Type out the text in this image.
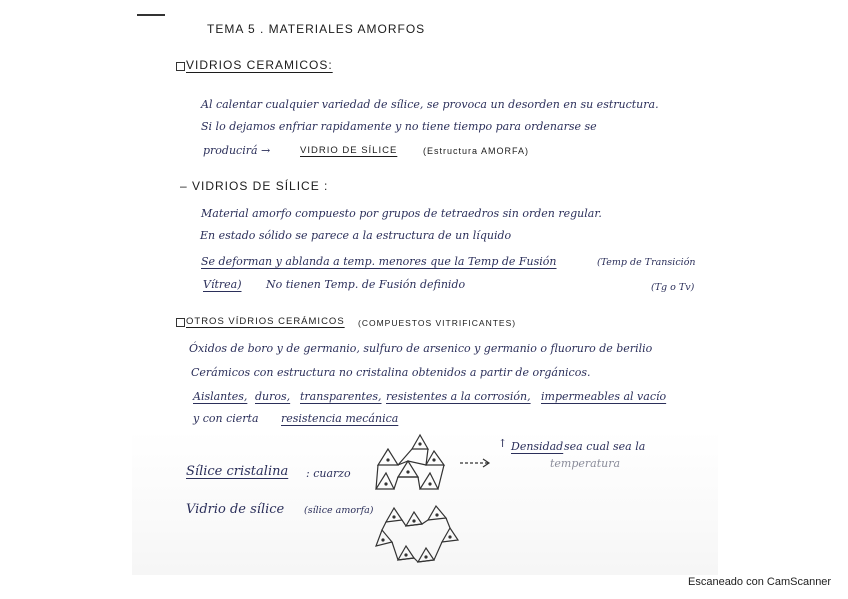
TEMA 5 . MATERIALES AMORFOS
VIDRIOS CERAMICOS:
Al calentar cualquier variedad de sílice, se provoca un desorden en su estructura.
Si lo dejamos enfriar rapidamente y no tiene tiempo para ordenarse se
producirá →	VIDRIO DE SÍLICE	(Estructura AMORFA)
– VIDRIOS DE SÍLICE :
Material amorfo compuesto por grupos de tetraedros sin orden regular.
En estado sólido se parece a la estructura de un líquido
Se deforman y ablanda a temp. menores que la Temp de Fusión	(Temp de Transición
Vítrea) No tienen Temp. de Fusión definido	(Tg o Tv)
OTROS VÍDRIOS CERÁMICOS (COMPUESTOS VITRIFICANTES)
Óxidos de boro y de germanio, sulfuro de arsenico y germanio o fluoruro de berilio
Cerámicos con estructura no cristalina obtenidos a partir de orgánicos.
Aislantes, duros, transparentes, resistentes a la corrosión, impermeables al vacío
y con cierta resistencia mecánica
Sílice cristalina : cuarzo
Vidrio de sílice (sílice amorfa)
↑ Densidad sea cual sea la
temperatura
Escaneado con CamScanner
